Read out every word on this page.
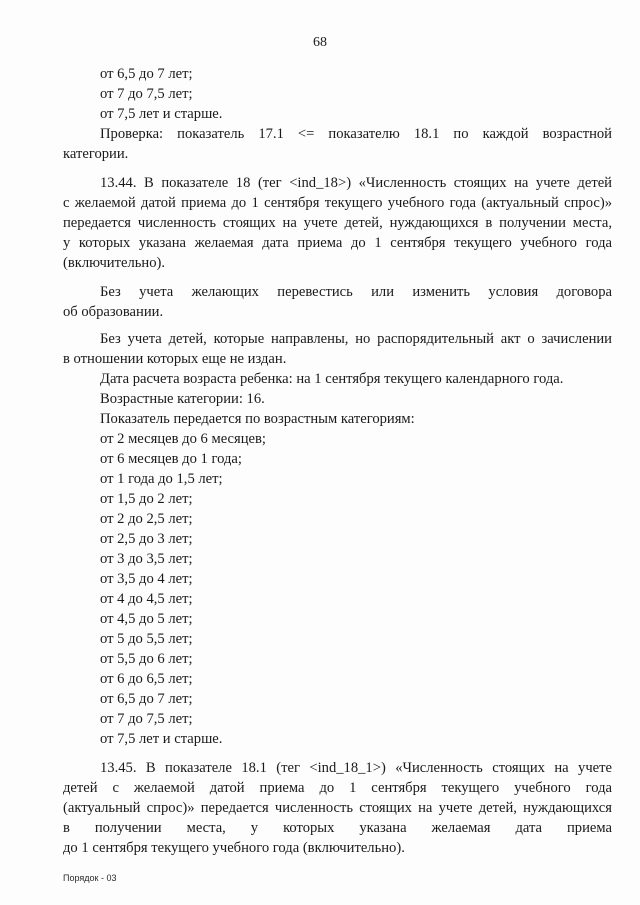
68
от 6,5 до 7 лет;
от 7 до 7,5 лет;
от 7,5 лет и старше.
Проверка: показатель 17.1 <= показателю 18.1 по каждой возрастной
категории.
13.44. В показателе 18 (тег <ind_18>) «Численность стоящих на учете детей
с желаемой датой приема до 1 сентября текущего учебного года (актуальный спрос)»
передается численность стоящих на учете детей, нуждающихся в получении места,
у которых указана желаемая дата приема до 1 сентября текущего учебного года
(включительно).
Без учета желающих перевестись или изменить условия договора
об образовании.
Без учета детей, которые направлены, но распорядительный акт о зачислении
в отношении которых еще не издан.
Дата расчета возраста ребенка: на 1 сентября текущего календарного года.
Возрастные категории: 16.
Показатель передается по возрастным категориям:
от 2 месяцев до 6 месяцев;
от 6 месяцев до 1 года;
от 1 года до 1,5 лет;
от 1,5 до 2 лет;
от 2 до 2,5 лет;
от 2,5 до 3 лет;
от 3 до 3,5 лет;
от 3,5 до 4 лет;
от 4 до 4,5 лет;
от 4,5 до 5 лет;
от 5 до 5,5 лет;
от 5,5 до 6 лет;
от 6 до 6,5 лет;
от 6,5 до 7 лет;
от 7 до 7,5 лет;
от 7,5 лет и старше.
13.45. В показателе 18.1 (тег <ind_18_1>) «Численность стоящих на учете
детей с желаемой датой приема до 1 сентября текущего учебного года
(актуальный спрос)» передается численность стоящих на учете детей, нуждающихся
в получении места, у которых указана желаемая дата приема
до 1 сентября текущего учебного года (включительно).
Порядок - 03
